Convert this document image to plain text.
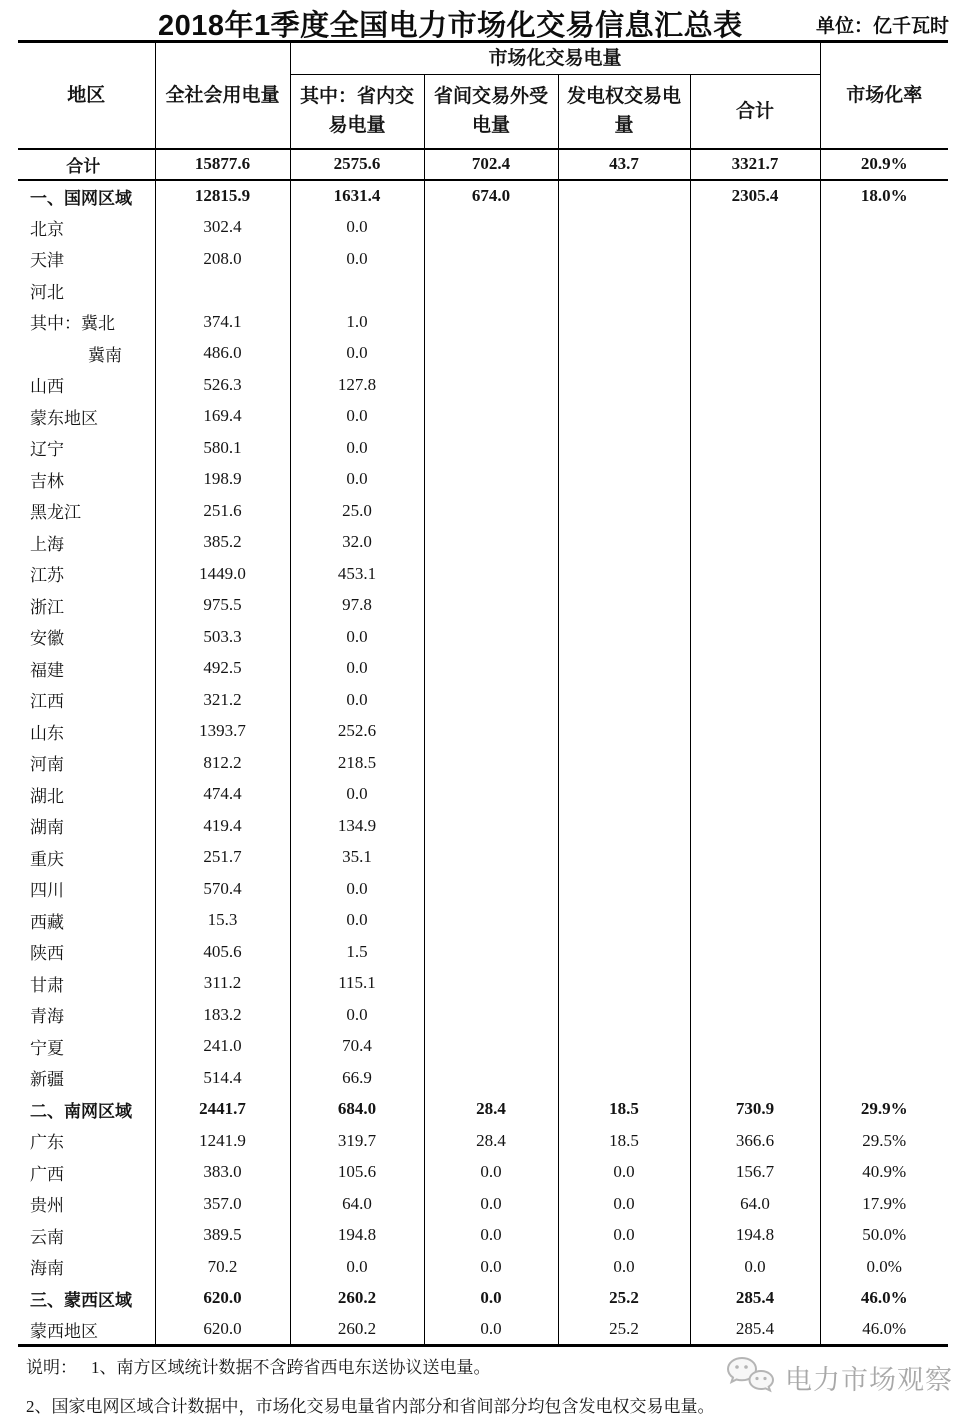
2018年1季度全国电力市场化交易信息汇总表	单位：亿千瓦时
地区	全社会用电量	市场化交易电量				市场化率
		其中：省内交易电量	省间交易外受电量	发电权交易电量	合计	
合计	15877.6	2575.6	702.4	43.7	3321.7	20.9%
一、国网区域	12815.9	1631.4	674.0		2305.4	18.0%
北京	302.4	0.0				
天津	208.0	0.0				
河北						
其中：冀北	374.1	1.0				
冀南	486.0	0.0				
山西	526.3	127.8				
蒙东地区	169.4	0.0				
辽宁	580.1	0.0				
吉林	198.9	0.0				
黑龙江	251.6	25.0				
上海	385.2	32.0				
江苏	1449.0	453.1				
浙江	975.5	97.8				
安徽	503.3	0.0				
福建	492.5	0.0				
江西	321.2	0.0				
山东	1393.7	252.6				
河南	812.2	218.5				
湖北	474.4	0.0				
湖南	419.4	134.9				
重庆	251.7	35.1				
四川	570.4	0.0				
西藏	15.3	0.0				
陕西	405.6	1.5				
甘肃	311.2	115.1				
青海	183.2	0.0				
宁夏	241.0	70.4				
新疆	514.4	66.9				
二、南网区域	2441.7	684.0	28.4	18.5	730.9	29.9%
广东	1241.9	319.7	28.4	18.5	366.6	29.5%
广西	383.0	105.6	0.0	0.0	156.7	40.9%
贵州	357.0	64.0	0.0	0.0	64.0	17.9%
云南	389.5	194.8	0.0	0.0	194.8	50.0%
海南	70.2	0.0	0.0	0.0	0.0	0.0%
三、蒙西区域	620.0	260.2	0.0	25.2	285.4	46.0%
蒙西地区	620.0	260.2	0.0	25.2	285.4	46.0%

说明： 1、南方区域统计数据不含跨省西电东送协议送电量。

2、国家电网区域合计数据中，市场化交易电量省内部分和省间部分均包含发电权交易电量。

电力市场观察
